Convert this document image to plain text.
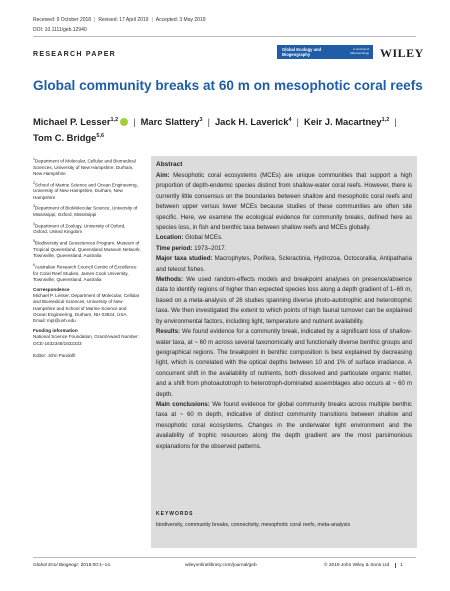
Received: 9 October 2018 | Revised: 17 April 2019 | Accepted: 3 May 2019
DOI: 10.1111/geb.12940
RESEARCH PAPER
Global Ecology and Biogeography
A Journal of Macroecology WILEY
Global community breaks at 60 m on mesophotic coral reefs
Michael P. Lesser$^{1,2}$ | Marc Slattery$^3$ | Jack H. Laverick$^4$ | Keir J. Macartney$^{1,2}$ |
Tom C. Bridge$^{5,6}$
$^1$Department of Molecular, Cellular and Biomedical Sciences, University of New Hampshire, Durham, New Hampshire
$^2$School of Marine Science and Ocean Engineering, University of New Hampshire, Durham, New Hampshire
$^3$Department of BioMolecular Science, University of Mississippi, Oxford, Mississippi
$^4$Department of Zoology, University of Oxford, Oxford, United Kingdom
$^5$Biodiversity and Geosciences Program, Museum of Tropical Queensland, Queensland Museum Network, Townsville, Queensland, Australia
$^6$Australian Research Council Centre of Excellence for Coral Reef Studies, James Cook University, Townsville, Queensland, Australia
Correspondence
Michael P. Lesser, Department of Molecular, Cellular and Biomedical Sciences, University of New Hampshire and School of Marine Science and Ocean Engineering, Durham, NH 03824, USA.
Email: mpl@unh.edu
Funding information
National Science Foundation, Grant/Award Number: OCE-1632348/1632333
Editor: John Pandolfi
Abstract

Aim: Mesophotic coral ecosystems (MCEs) are unique communities that support a high proportion of depth-endemic species distinct from shallow-water coral reefs. However, there is currently little consensus on the boundaries between shallow and mesophotic coral reefs and between upper versus lower MCEs because studies of these communities are often site specific. Here, we examine the ecological evidence for community breaks, defined here as species loss, in fish and benthic taxa between shallow reefs and MCEs globally.

Location: Global MCEs.

Time period: 1973–2017.

Major taxa studied: Macrophytes, Porifera, Scleractinia, Hydrozoa, Octocorallia, Antipatharia and teleost fishes.

Methods: We used random-effects models and breakpoint analyses on presence/absence data to identify regions of higher than expected species loss along a depth gradient of 1–69 m, based on a meta-analysis of 26 studies spanning diverse photo-autotrophic and heterotrophic taxa. We then investigated the extent to which points of high faunal turnover can be explained by environmental factors, including light, temperature and nutrient availability.

Results: We found evidence for a community break, indicated by a significant loss of shallow-water taxa, at ~ 60 m across several taxonomically and functionally diverse benthic groups and geographical regions. The breakpoint in benthic composition is best explained by decreasing light, which is correlated with the optical depths between 10 and 1% of surface irradiance. A concurrent shift in the availability of nutrients, both dissolved and particulate organic matter, and a shift from photoautotroph to heterotroph-dominated assemblages also occurs at ~ 60 m depth.

Main conclusions: We found evidence for global community breaks across multiple benthic taxa at ~ 60 m depth, indicative of distinct community transitions between shallow and mesophotic coral ecosystems. Changes in the underwater light environment and the availability of trophic resources along the depth gradient are the most parsimonious explanations for the observed patterns.

KEYWORDS
biodiversity, community breaks, connectivity, mesophotic coral reefs, meta-analysis
Global Ecol Biogeogr. 2019;00:1–14.	wileyonlinelibrary.com/journal/geb	© 2019 John Wiley & Sons Ltd 1
